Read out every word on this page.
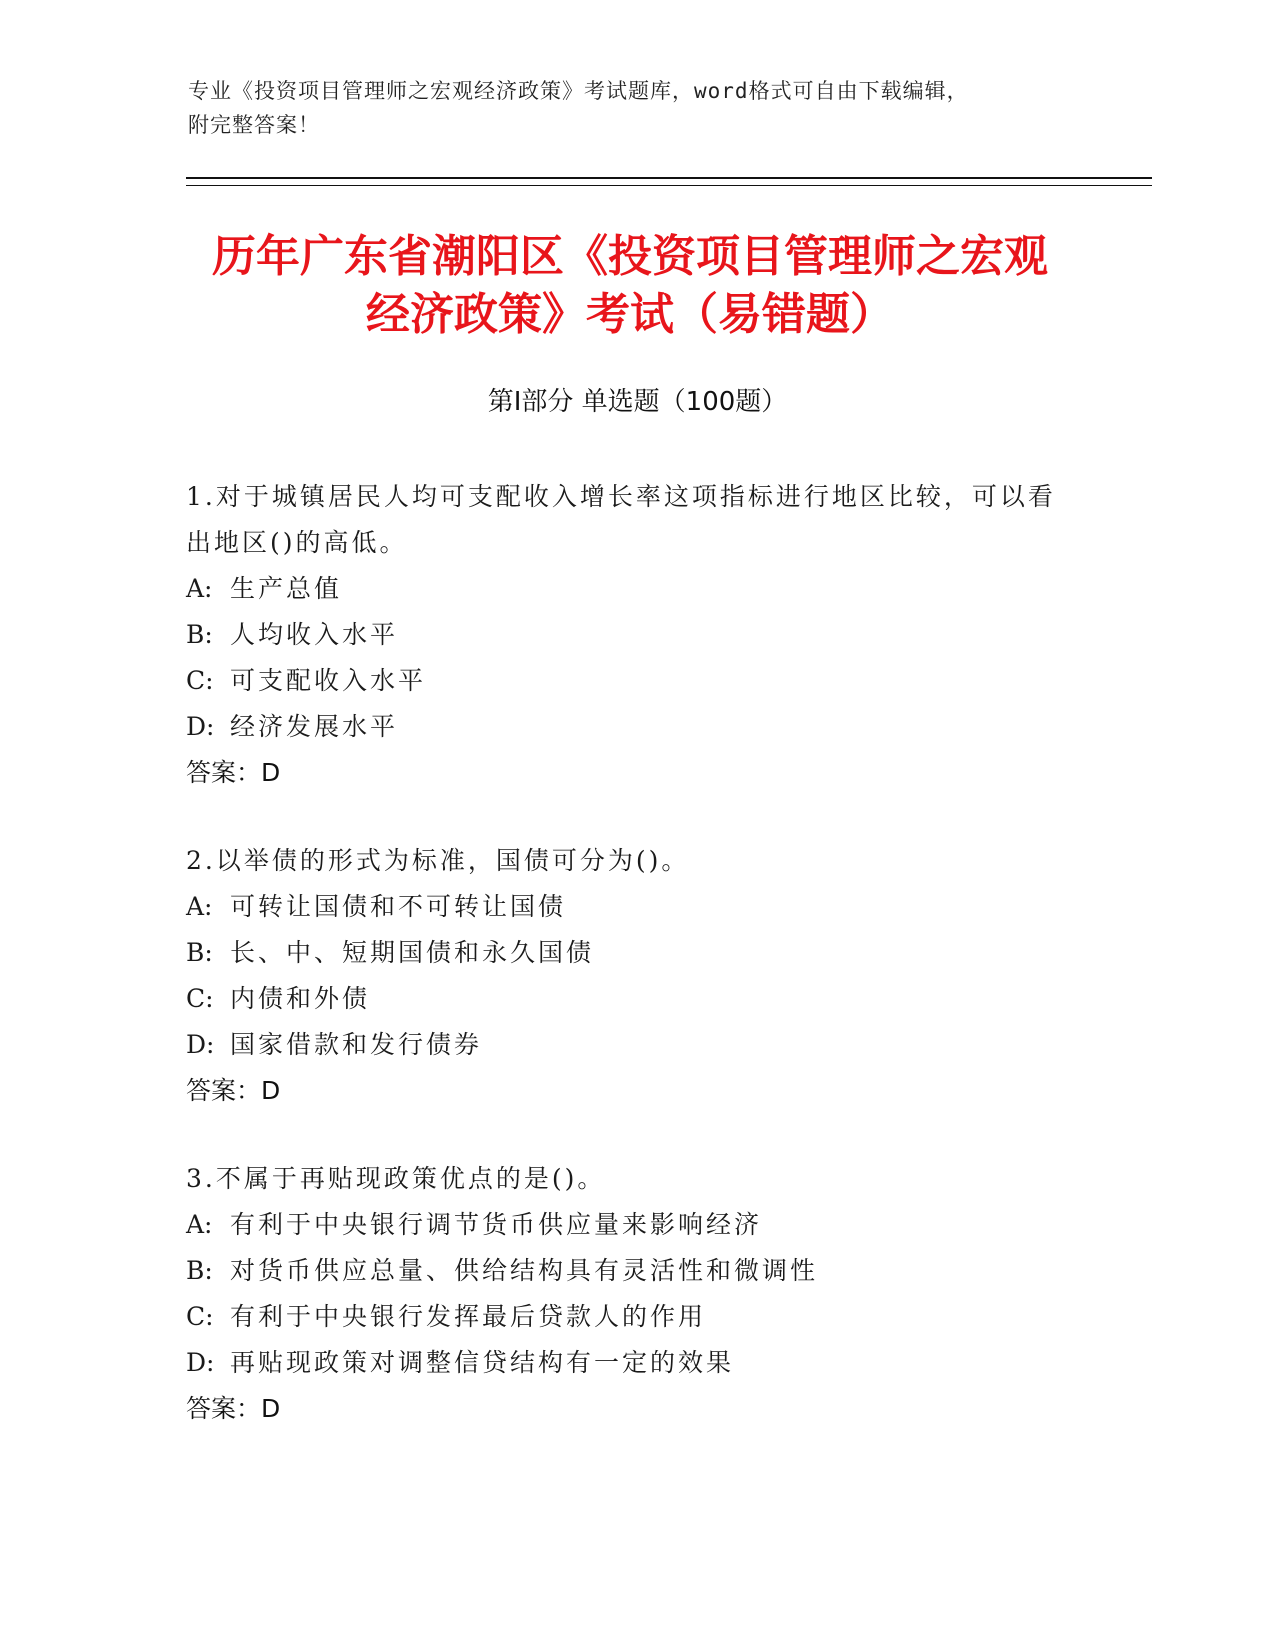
专业《投资项目管理师之宏观经济政策》考试题库，word格式可自由下载编辑，
附完整答案！
历年广东省潮阳区《投资项目管理师之宏观
经济政策》考试（易错题）
第Ⅰ部分 单选题（100题）

1.对于城镇居民人均可支配收入增长率这项指标进行地区比较，可以看出地区()的高低。

A: 生产总值

B: 人均收入水平

C: 可支配收入水平

D: 经济发展水平

答案：D

2.以举债的形式为标准，国债可分为()。

A: 可转让国债和不可转让国债

B: 长、中、短期国债和永久国债

C: 内债和外债

D: 国家借款和发行债券

答案：D

3.不属于再贴现政策优点的是()。

A: 有利于中央银行调节货币供应量来影响经济

B: 对货币供应总量、供给结构具有灵活性和微调性

C: 有利于中央银行发挥最后贷款人的作用

D: 再贴现政策对调整信贷结构有一定的效果

答案：D
